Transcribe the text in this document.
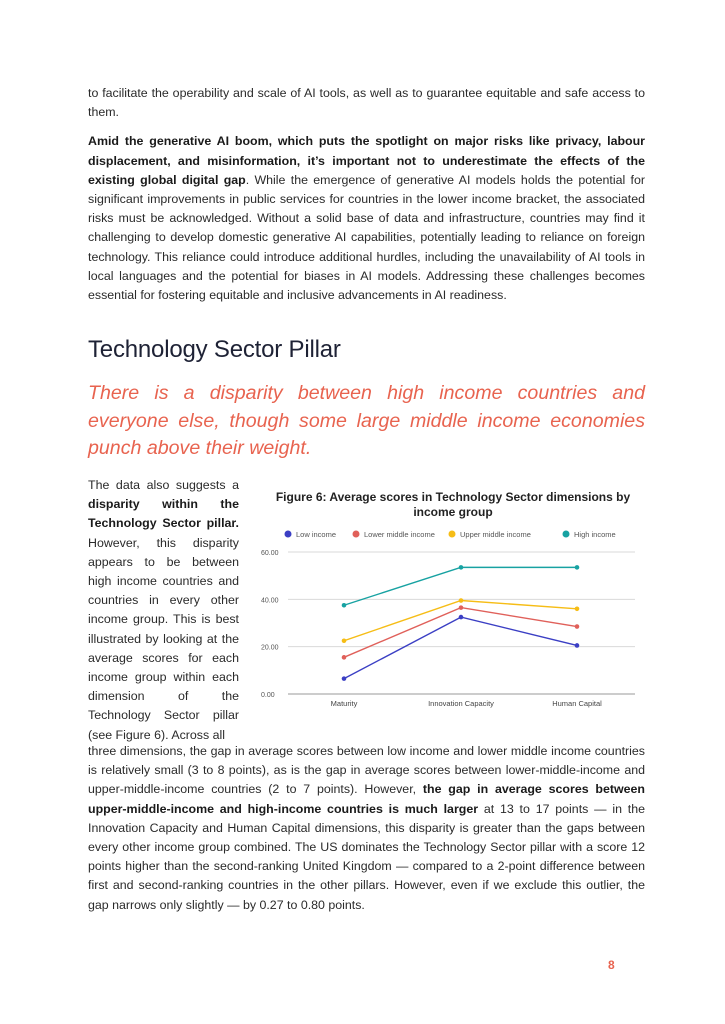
to facilitate the operability and scale of AI tools, as well as to guarantee equitable and safe access to them.

Amid the generative AI boom, which puts the spotlight on major risks like privacy, labour displacement, and misinformation, it’s important not to underestimate the effects of the existing global digital gap. While the emergence of generative AI models holds the potential for significant improvements in public services for countries in the lower income bracket, the associated risks must be acknowledged. Without a solid base of data and infrastructure, countries may find it challenging to develop domestic generative AI capabilities, potentially leading to reliance on foreign technology. This reliance could introduce additional hurdles, including the unavailability of AI tools in local languages and the potential for biases in AI models. Addressing these challenges becomes essential for fostering equitable and inclusive advancements in AI readiness.

Technology Sector Pillar

There is a disparity between high income countries and everyone else, though some large middle income economies punch above their weight.

The data also suggests a disparity within the Technology Sector pillar. However, this disparity appears to be between high income countries and countries in every other income group. This is best illustrated by looking at the average scores for each income group within each dimension of the Technology Sector pillar (see Figure 6). Across all
Figure 6: Average scores in Technology Sector dimensions by income group
0.00
20.00
40.00
60.00
Maturity	Innovation Capacity	Human Capital
Low income	Lower middle income	Upper middle income	High income

three dimensions, the gap in average scores between low income and lower middle income countries is relatively small (3 to 8 points), as is the gap in average scores between lower-middle-income and upper-middle-income countries (2 to 7 points). However, the gap in average scores between upper-middle-income and high-income countries is much larger at 13 to 17 points — in the Innovation Capacity and Human Capital dimensions, this disparity is greater than the gaps between every other income group combined. The US dominates the Technology Sector pillar with a score 12 points higher than the second-ranking United Kingdom — compared to a 2-point difference between first and second-ranking countries in the other pillars. However, even if we exclude this outlier, the gap narrows only slightly — by 0.27 to 0.80 points.

8
